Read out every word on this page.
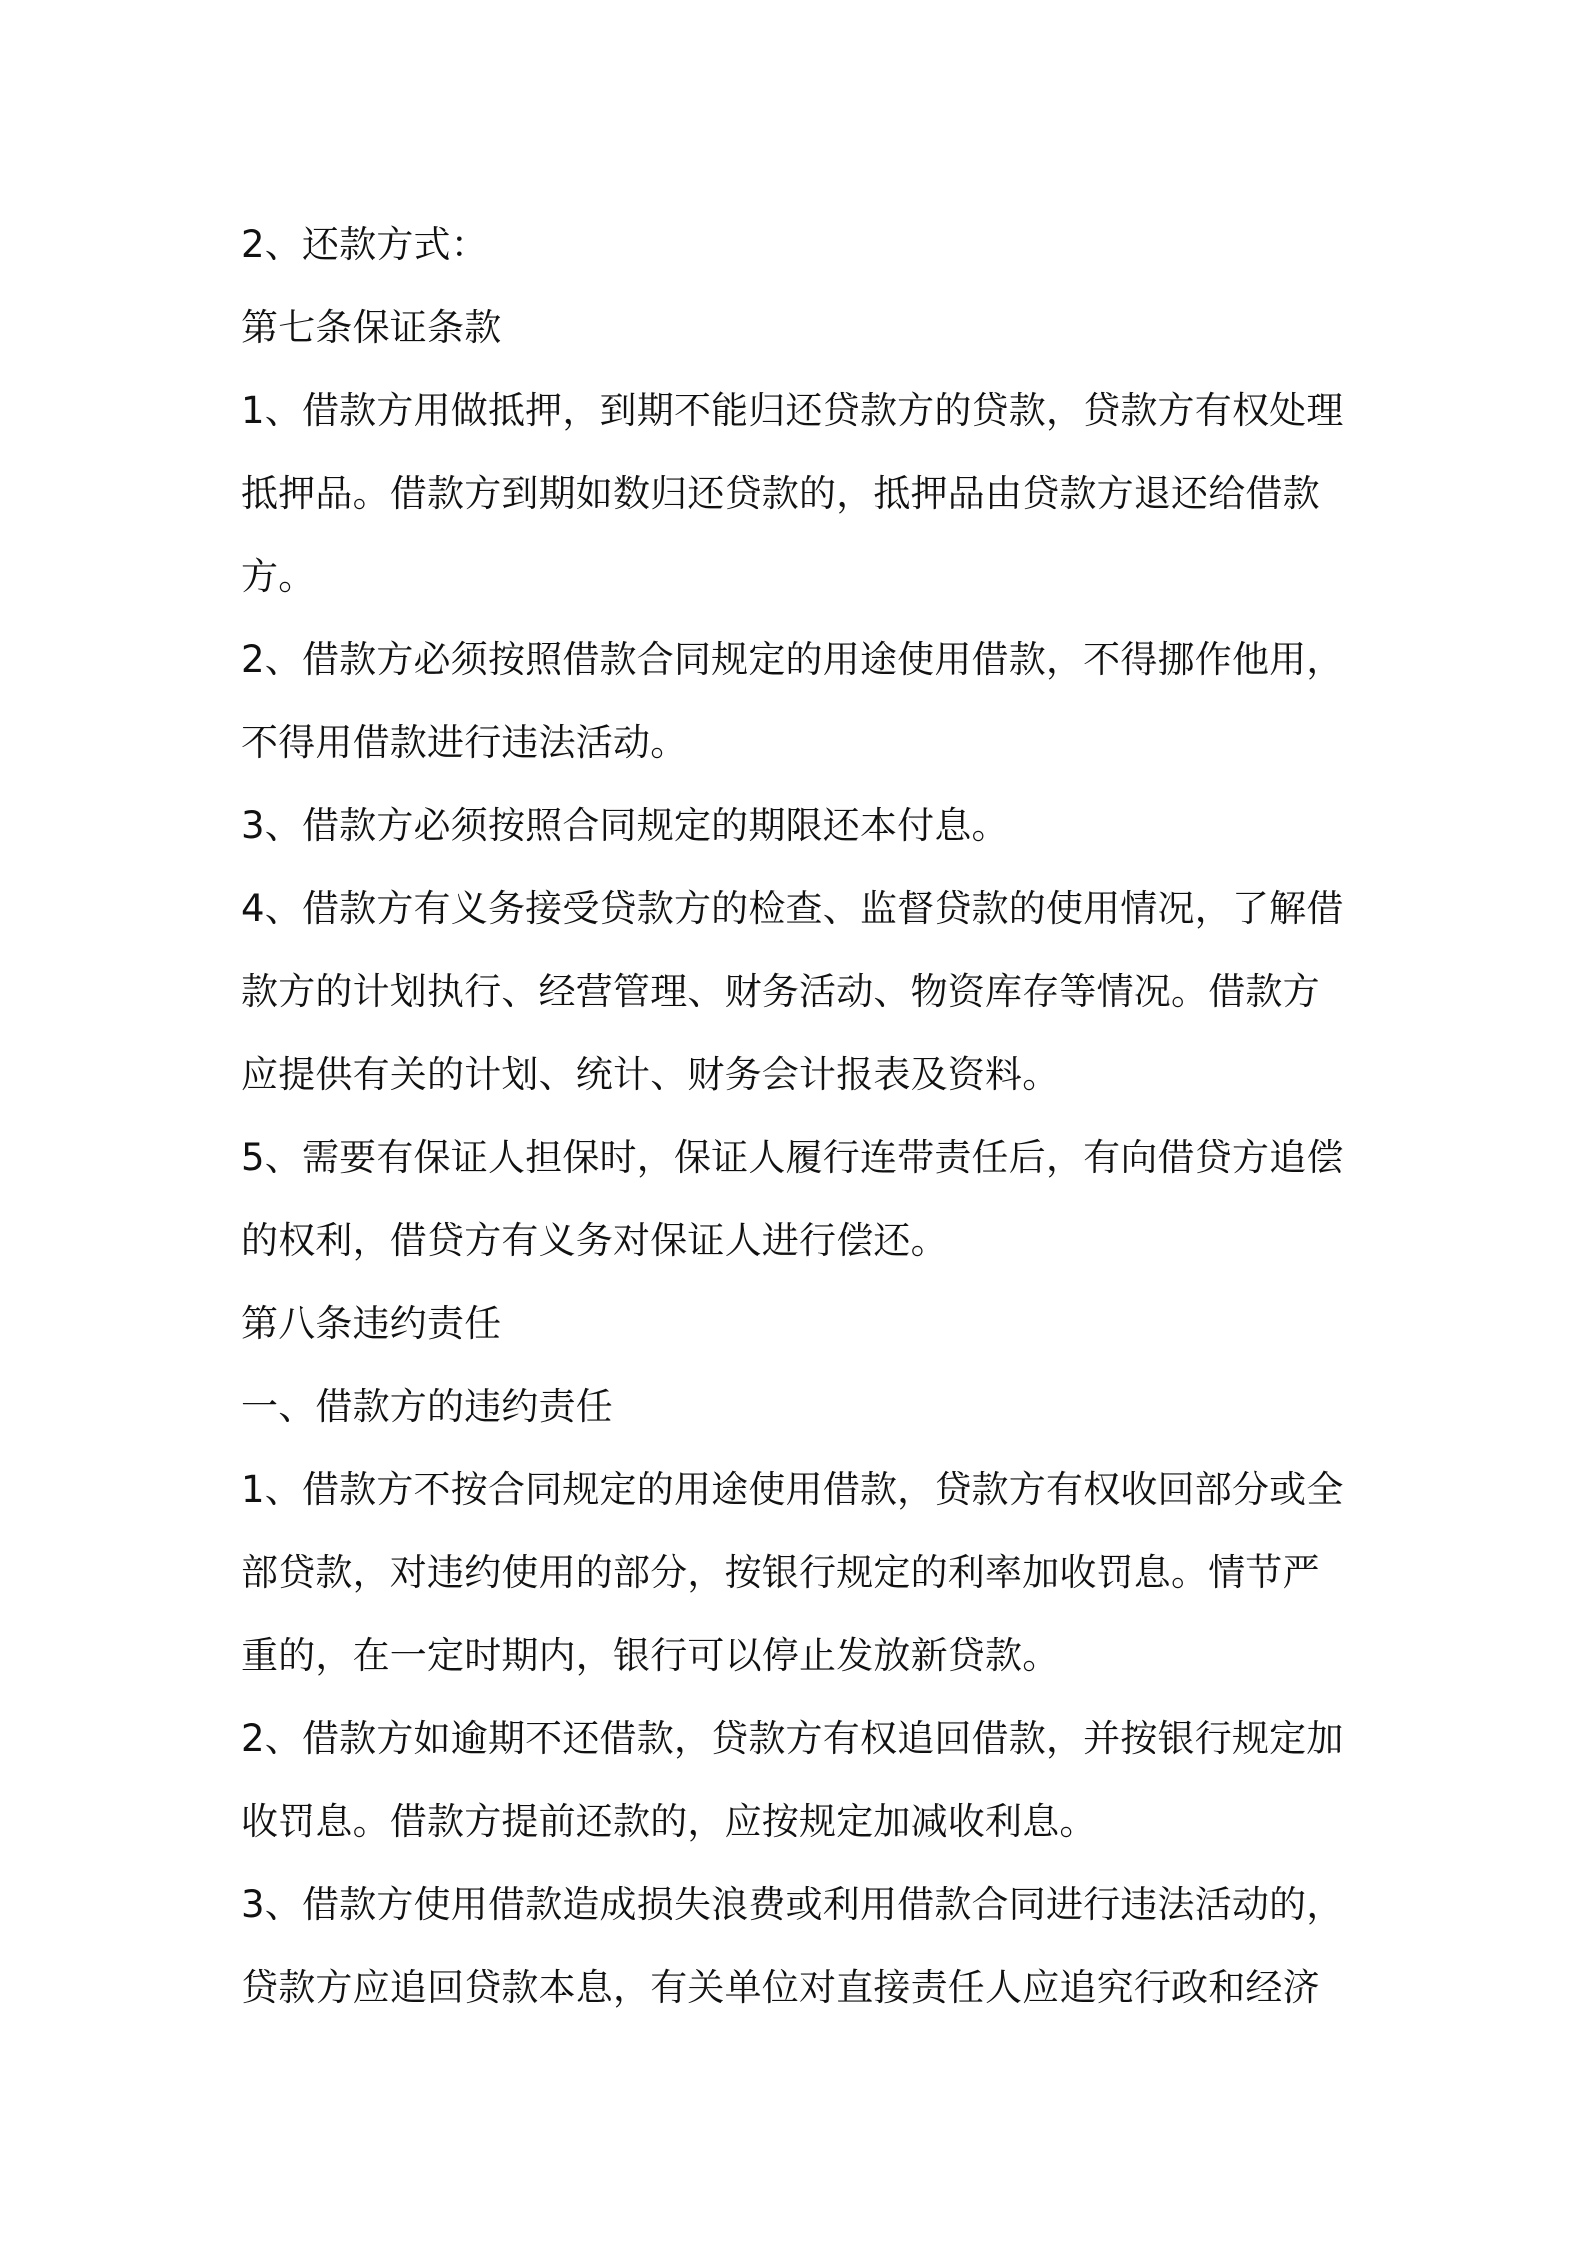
2、还款方式：
第七条保证条款
1、借款方用做抵押，到期不能归还贷款方的贷款，贷款方有权处理
抵押品。借款方到期如数归还贷款的，抵押品由贷款方退还给借款
方。
2、借款方必须按照借款合同规定的用途使用借款，不得挪作他用，
不得用借款进行违法活动。
3、借款方必须按照合同规定的期限还本付息。
4、借款方有义务接受贷款方的检查、监督贷款的使用情况，了解借
款方的计划执行、经营管理、财务活动、物资库存等情况。借款方
应提供有关的计划、统计、财务会计报表及资料。
5、需要有保证人担保时，保证人履行连带责任后，有向借贷方追偿
的权利，借贷方有义务对保证人进行偿还。
第八条违约责任
一、借款方的违约责任
1、借款方不按合同规定的用途使用借款，贷款方有权收回部分或全
部贷款，对违约使用的部分，按银行规定的利率加收罚息。情节严
重的，在一定时期内，银行可以停止发放新贷款。
2、借款方如逾期不还借款，贷款方有权追回借款，并按银行规定加
收罚息。借款方提前还款的，应按规定加减收利息。
3、借款方使用借款造成损失浪费或利用借款合同进行违法活动的，
贷款方应追回贷款本息，有关单位对直接责任人应追究行政和经济
